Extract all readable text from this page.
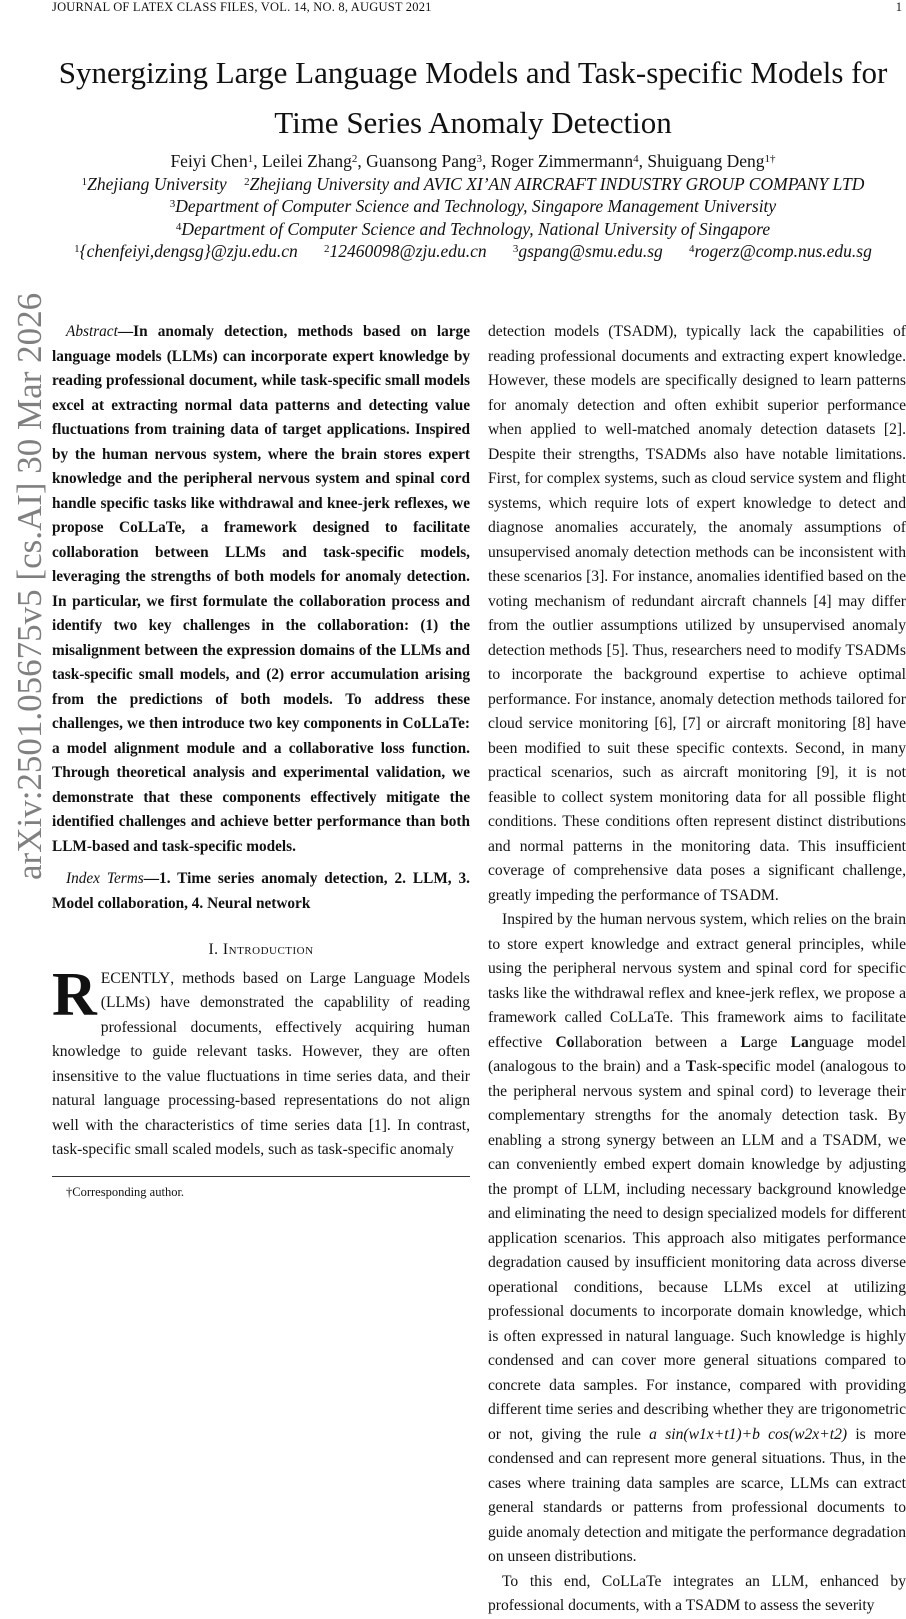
JOURNAL OF LATEX CLASS FILES, VOL. 14, NO. 8, AUGUST 2021	1
arXiv:2501.05675v5 [cs.AI] 30 Mar 2026
Synergizing Large Language Models and Task-specific Models for Time Series Anomaly Detection
Feiyi Chen$^1$, Leilei Zhang$^2$, Guansong Pang$^3$, Roger Zimmermann$^4$, Shuiguang Deng$^{1\dagger}$
$^1$Zhejiang University $^2$Zhejiang University and AVIC XI’AN AIRCRAFT INDUSTRY GROUP COMPANY LTD
$^3$Department of Computer Science and Technology, Singapore Management University
$^4$Department of Computer Science and Technology, National University of Singapore
$^1${chenfeiyi,dengsg}@zju.edu.cn $^2$12460098@zju.edu.cn $^3$gspang@smu.edu.sg $^4$rogerz@comp.nus.edu.sg

Abstract—In anomaly detection, methods based on large language models (LLMs) can incorporate expert knowledge by reading professional document, while task-specific small models excel at extracting normal data patterns and detecting value fluctuations from training data of target applications. Inspired by the human nervous system, where the brain stores expert knowledge and the peripheral nervous system and spinal cord handle specific tasks like withdrawal and knee-jerk reflexes, we propose CoLLaTe, a framework designed to facilitate collaboration between LLMs and task-specific models, leveraging the strengths of both models for anomaly detection. In particular, we first formulate the collaboration process and identify two key challenges in the collaboration: (1) the misalignment between the expression domains of the LLMs and task-specific small models, and (2) error accumulation arising from the predictions of both models. To address these challenges, we then introduce two key components in CoLLaTe: a model alignment module and a collaborative loss function. Through theoretical analysis and experimental validation, we demonstrate that these components effectively mitigate the identified challenges and achieve better performance than both LLM-based and task-specific models.

Index Terms—1. Time series anomaly detection, 2. LLM, 3. Model collaboration, 4. Neural network

I. Introduction

RECENTLY, methods based on Large Language Models (LLMs) have demonstrated the capablility of reading professional documents, effectively acquiring human knowledge to guide relevant tasks. However, they are often insensitive to the value fluctuations in time series data, and their natural language processing-based representations do not align well with the characteristics of time series data [1]. In contrast, task-specific small scaled models, such as task-specific anomaly

detection models (TSADM), typically lack the capabilities of reading professional documents and extracting expert knowledge. However, these models are specifically designed to learn patterns for anomaly detection and often exhibit superior performance when applied to well-matched anomaly detection datasets [2]. Despite their strengths, TSADMs also have notable limitations. First, for complex systems, such as cloud service system and flight systems, which require lots of expert knowledge to detect and diagnose anomalies accurately, the anomaly assumptions of unsupervised anomaly detection methods can be inconsistent with these scenarios [3]. For instance, anomalies identified based on the voting mechanism of redundant aircraft channels [4] may differ from the outlier assumptions utilized by unsupervised anomaly detection methods [5]. Thus, researchers need to modify TSADMs to incorporate the background expertise to achieve optimal performance. For instance, anomaly detection methods tailored for cloud service monitoring [6], [7] or aircraft monitoring [8] have been modified to suit these specific contexts. Second, in many practical scenarios, such as aircraft monitoring [9], it is not feasible to collect system monitoring data for all possible flight conditions. These conditions often represent distinct distributions and normal patterns in the monitoring data. This insufficient coverage of comprehensive data poses a significant challenge, greatly impeding the performance of TSADM.

Inspired by the human nervous system, which relies on the brain to store expert knowledge and extract general principles, while using the peripheral nervous system and spinal cord for specific tasks like the withdrawal reflex and knee-jerk reflex, we propose a framework called CoLLaTe. This framework aims to facilitate effective Collaboration between a Large Language model (analogous to the brain) and a Task-specific model (analogous to the peripheral nervous system and spinal cord) to leverage their complementary strengths for the anomaly detection task. By enabling a strong synergy between an LLM and a TSADM, we can conveniently embed expert domain knowledge by adjusting the prompt of LLM, including necessary background knowledge and eliminating the need to design specialized models for different application scenarios. This approach also mitigates performance degradation caused by insufficient monitoring data across diverse operational conditions, because LLMs excel at utilizing professional documents to incorporate domain knowledge, which is often expressed in natural language. Such knowledge is highly condensed and can cover more general situations compared to concrete data samples. For instance, compared with providing different time series and describing whether they are trigonometric or not, giving the rule a sin(w1x+t1)+b cos(w2x+t2) is more condensed and can represent more general situations. Thus, in the cases where training data samples are scarce, LLMs can extract general standards or patterns from professional documents to guide anomaly detection and mitigate the performance degradation on unseen distributions.

To this end, CoLLaTe integrates an LLM, enhanced by professional documents, with a TSADM to assess the severity

†Corresponding author.
